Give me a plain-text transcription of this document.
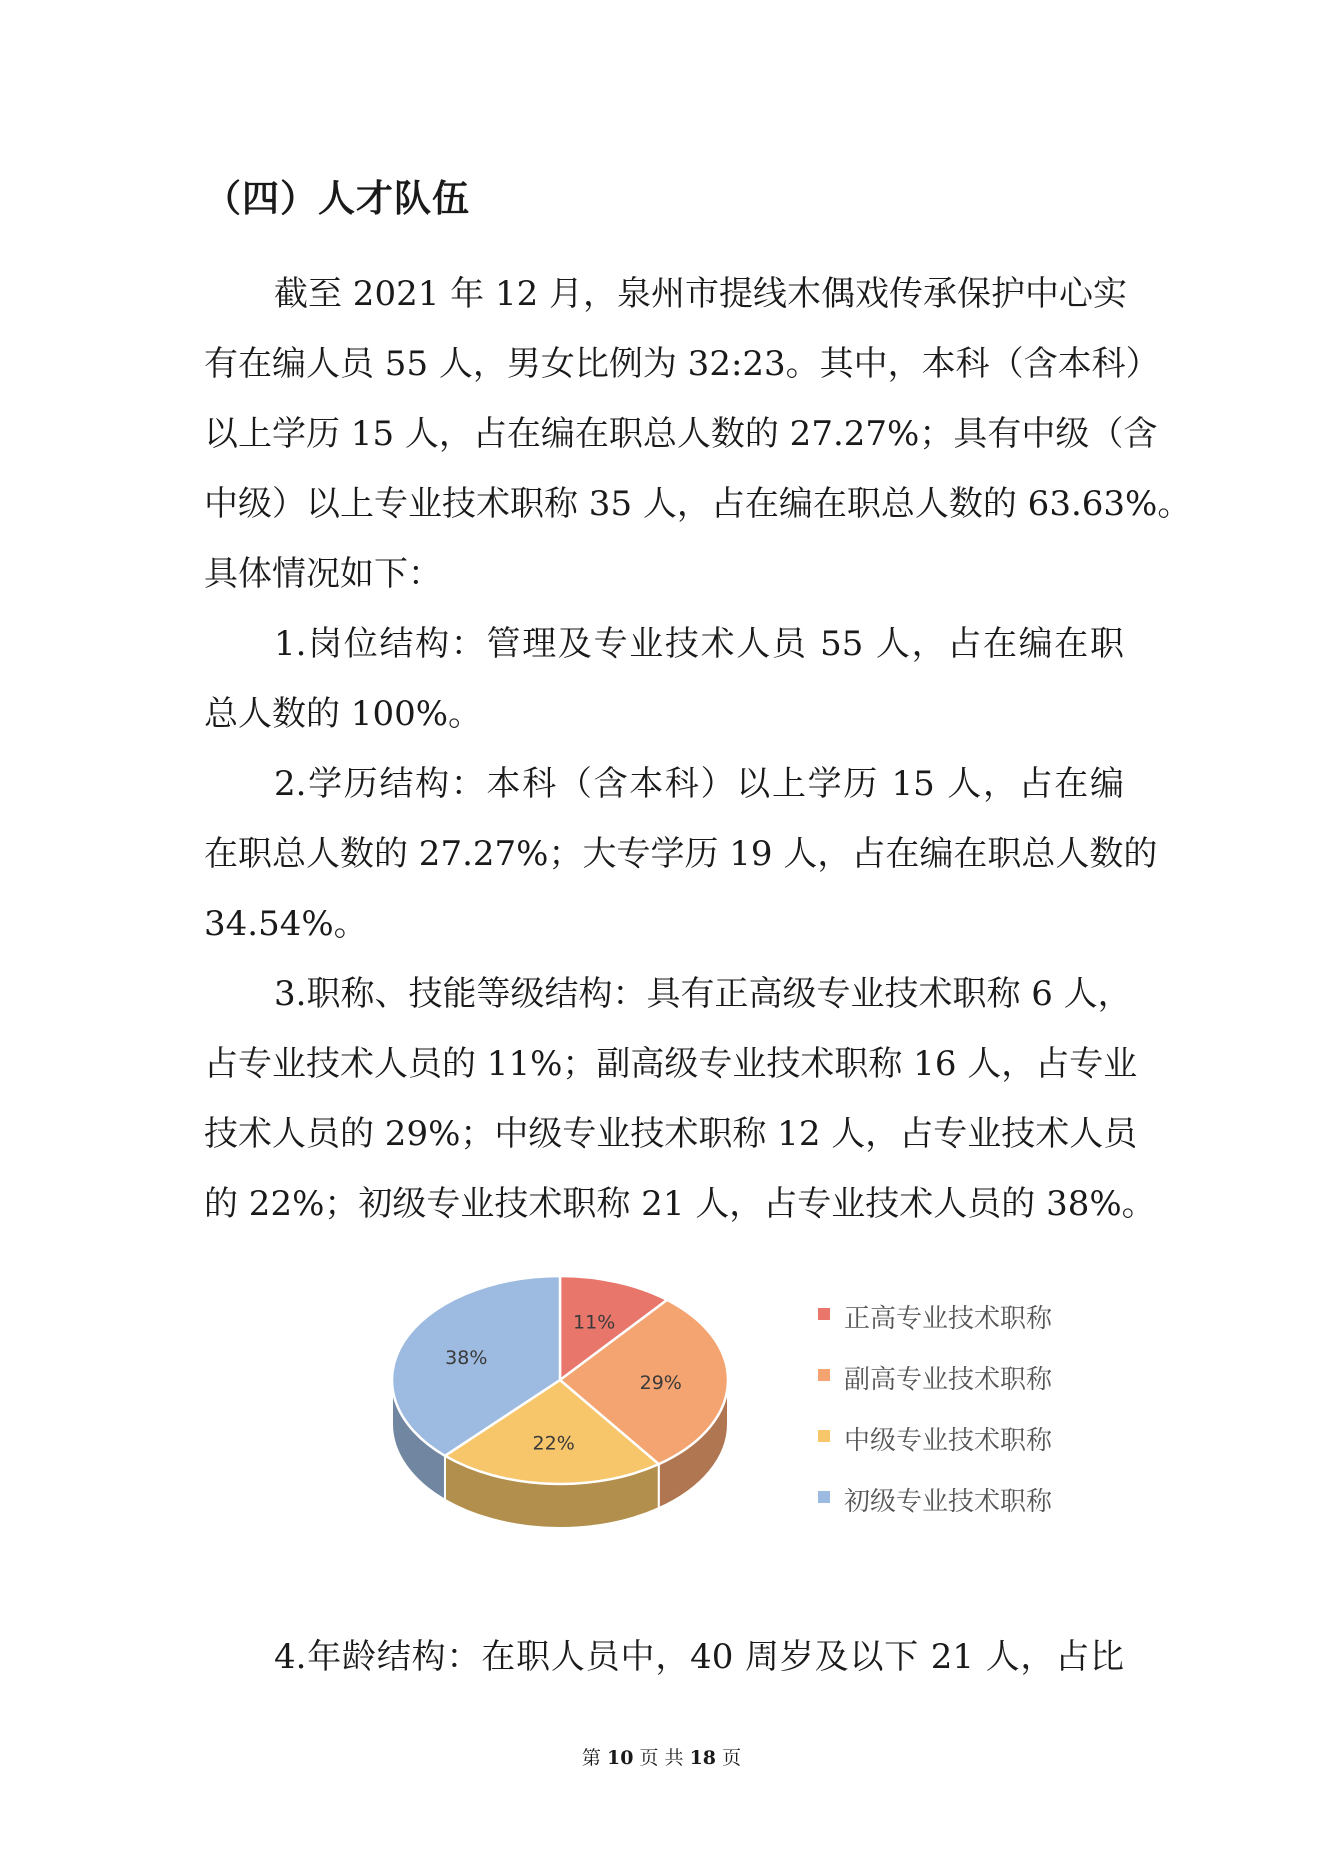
（四）人才队伍
截至 2021 年 12 月，泉州市提线木偶戏传承保护中心实
有在编人员 55 人，男女比例为 32:23。其中，本科（含本科）
以上学历 15 人，占在编在职总人数的 27.27%；具有中级（含
中级）以上专业技术职称 35 人，占在编在职总人数的 63.63%。
具体情况如下：
1.岗位结构：管理及专业技术人员 55 人，占在编在职
总人数的 100%。
2.学历结构：本科（含本科）以上学历 15 人，占在编
在职总人数的 27.27%；大专学历 19 人，占在编在职总人数的
34.54%。
3.职称、技能等级结构：具有正高级专业技术职称 6 人，
占专业技术人员的 11%；副高级专业技术职称 16 人，占专业
技术人员的 29%；中级专业技术职称 12 人，占专业技术人员
的 22%；初级专业技术职称 21 人，占专业技术人员的 38%。
11%
29%
22%
38%
正高专业技术职称
副高专业技术职称
中级专业技术职称
初级专业技术职称
4.年龄结构：在职人员中，40 周岁及以下 21 人，占比
第 10 页 共 18 页
